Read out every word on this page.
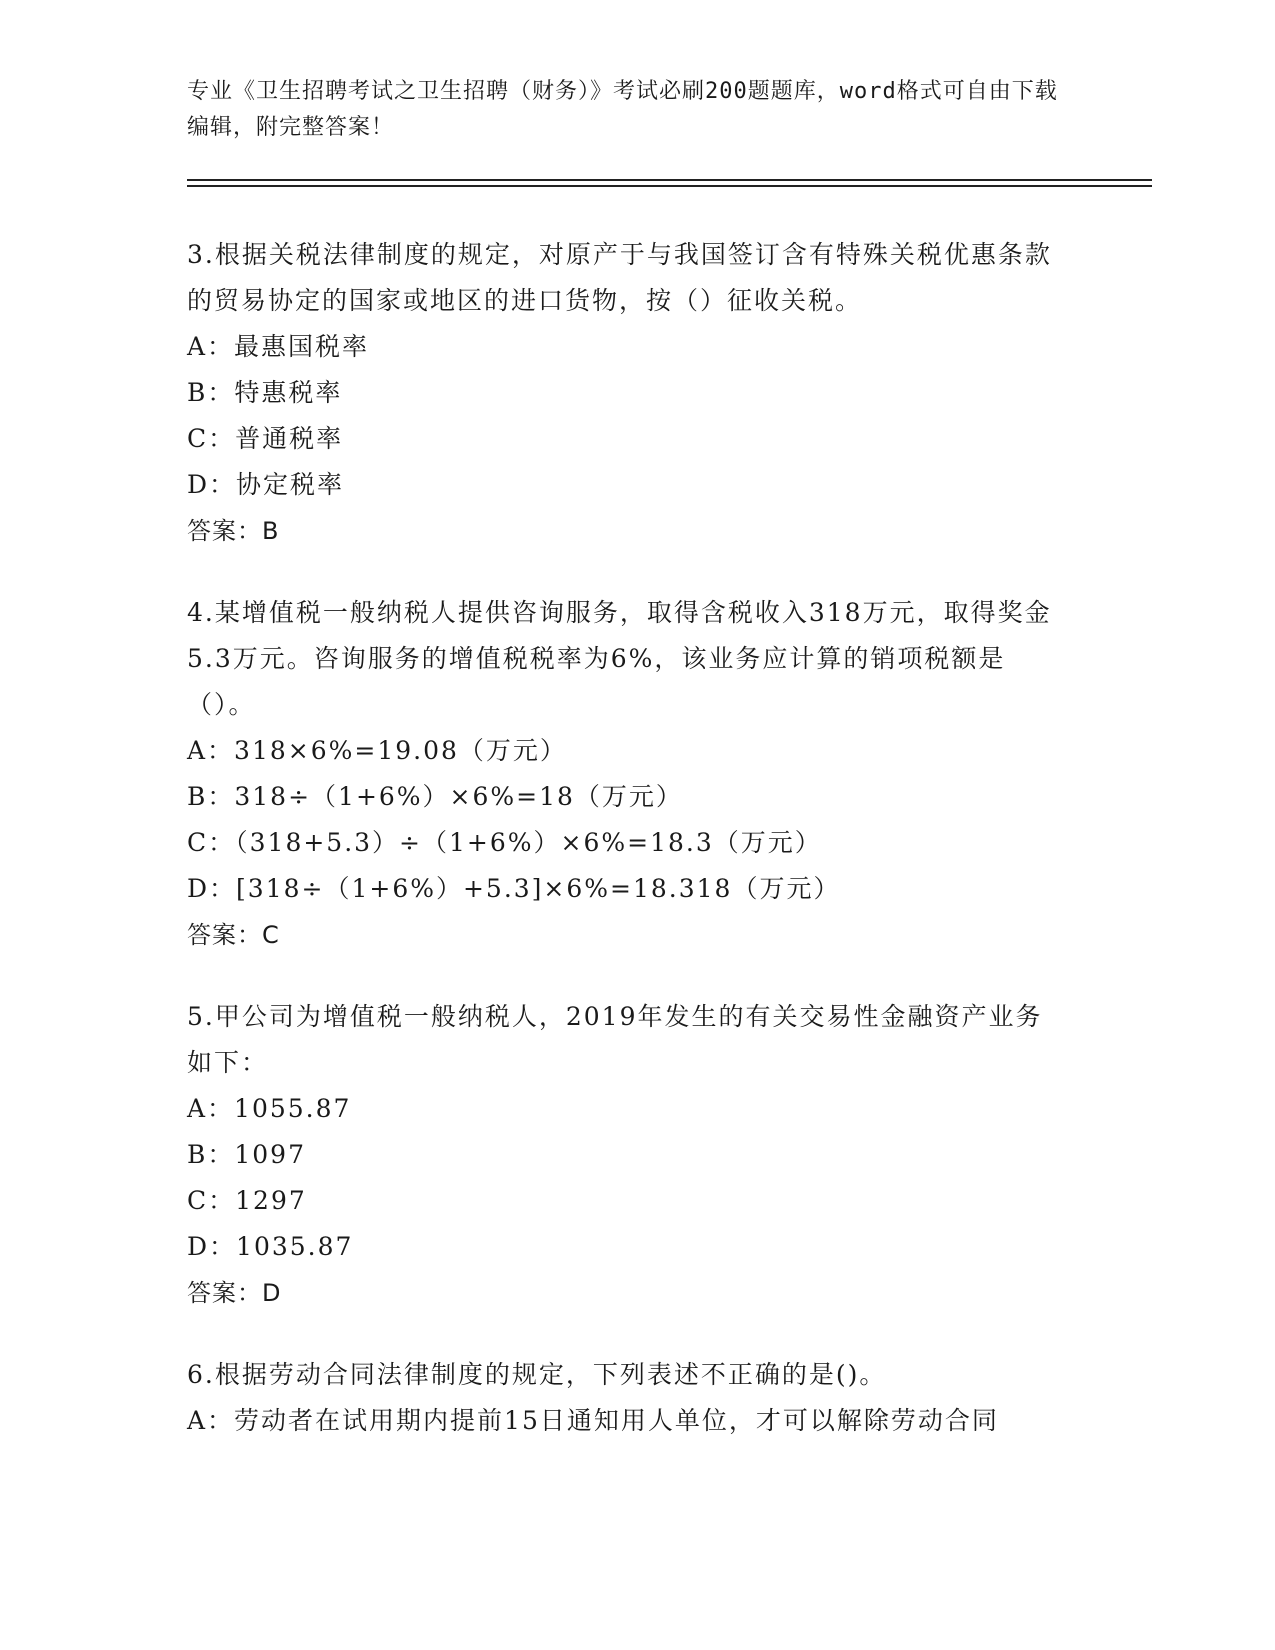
专业《卫生招聘考试之卫生招聘（财务）》考试必刷200题题库，word格式可自由下载编辑，附完整答案！

3.根据关税法律制度的规定，对原产于与我国签订含有特殊关税优惠条款的贸易协定的国家或地区的进口货物，按（）征收关税。

A：最惠国税率

B：特惠税率

C：普通税率

D：协定税率

答案：B

4.某增值税一般纳税人提供咨询服务，取得含税收入318万元，取得奖金5.3万元。咨询服务的增值税税率为6%，该业务应计算的销项税额是（）。

A：318×6%=19.08（万元）

B：318÷（1+6%）×6%=18（万元）

C：（318+5.3）÷（1+6%）×6%=18.3（万元）

D：[318÷（1+6%）+5.3]×6%=18.318（万元）

答案：C

5.甲公司为增值税一般纳税人，2019年发生的有关交易性金融资产业务如下：

A：1055.87

B：1097

C：1297

D：1035.87

答案：D

6.根据劳动合同法律制度的规定，下列表述不正确的是()。

A：劳动者在试用期内提前15日通知用人单位，才可以解除劳动合同
